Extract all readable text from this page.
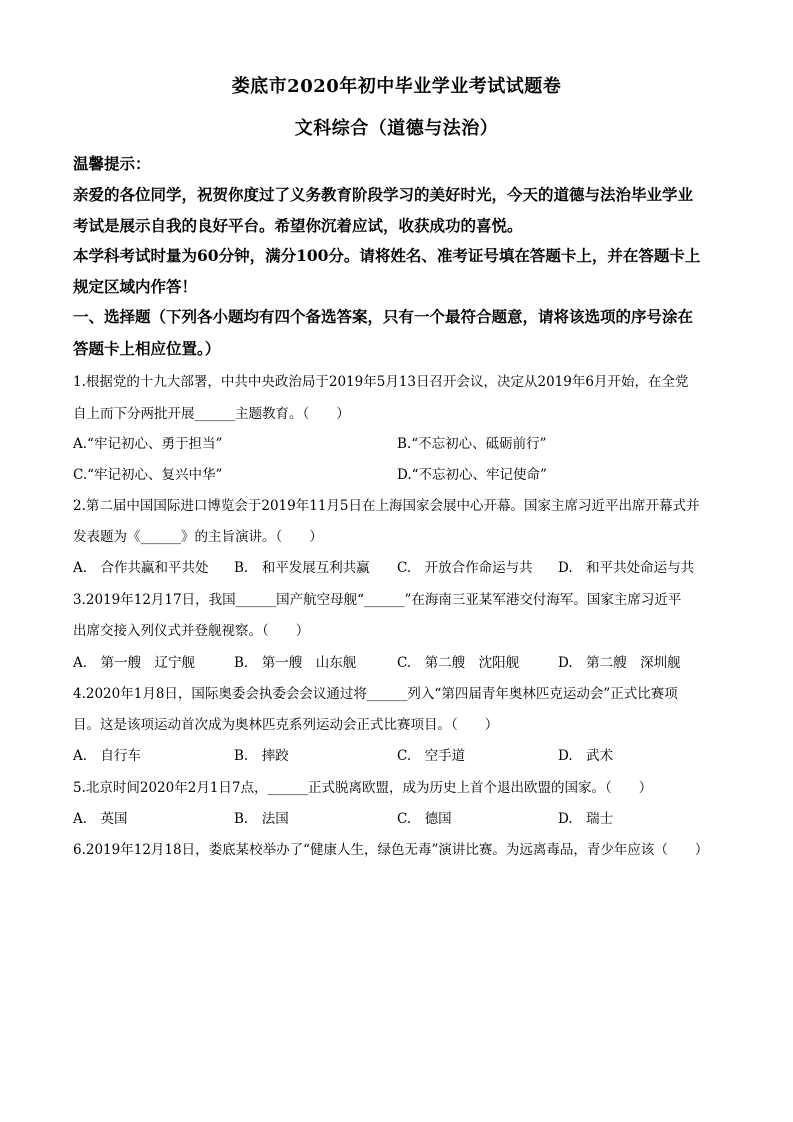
娄底市2020年初中毕业学业考试试题卷
文科综合（道德与法治）
温馨提示：
亲爱的各位同学，祝贺你度过了义务教育阶段学习的美好时光，今天的道德与法治毕业学业
考试是展示自我的良好平台。希望你沉着应试，收获成功的喜悦。
本学科考试时量为60分钟，满分100分。请将姓名、准考证号填在答题卡上，并在答题卡上
规定区域内作答！
一、选择题（下列各小题均有四个备选答案，只有一个最符合题意，请将该选项的序号涂在
答题卡上相应位置。）
1.根据党的十九大部署，中共中央政治局于2019年5月13日召开会议，决定从2019年6月开始，在全党
自上而下分两批开展______主题教育。（　　）
A.“牢记初心、勇于担当”	B.“不忘初心、砥砺前行”
C.“牢记初心、复兴中华”	D.“不忘初心、牢记使命”
2.第二届中国国际进口博览会于2019年11月5日在上海国家会展中心开幕。国家主席习近平出席开幕式并
发表题为《______》的主旨演讲。（　　）
A.　合作共赢和平共处 B.　和平发展互利共赢 C.　开放合作命运与共 D.　和平共处命运与共
3.2019年12月17日，我国______国产航空母舰“______”在海南三亚某军港交付海军。国家主席习近平
出席交接入列仪式并登舰视察。（　　）
A.　第一艘　辽宁舰	B.　第一艘　山东舰	C.　第二艘　沈阳舰	D.　第二艘　深圳舰
4.2020年1月8日，国际奥委会执委会会议通过将______列入“第四届青年奥林匹克运动会”正式比赛项
目。这是该项运动首次成为奥林匹克系列运动会正式比赛项目。（　　）
A.　自行车	B.　摔跤	C.　空手道	D.　武术
5.北京时间2020年2月1日7点，______正式脱离欧盟，成为历史上首个退出欧盟的国家。（　　）
A.　英国	B.　法国	C.　德国	D.　瑞士
6.2019年12月18日，娄底某校举办了“健康人生，绿色无毒”演讲比赛。为远离毒品，青少年应该（　　）
